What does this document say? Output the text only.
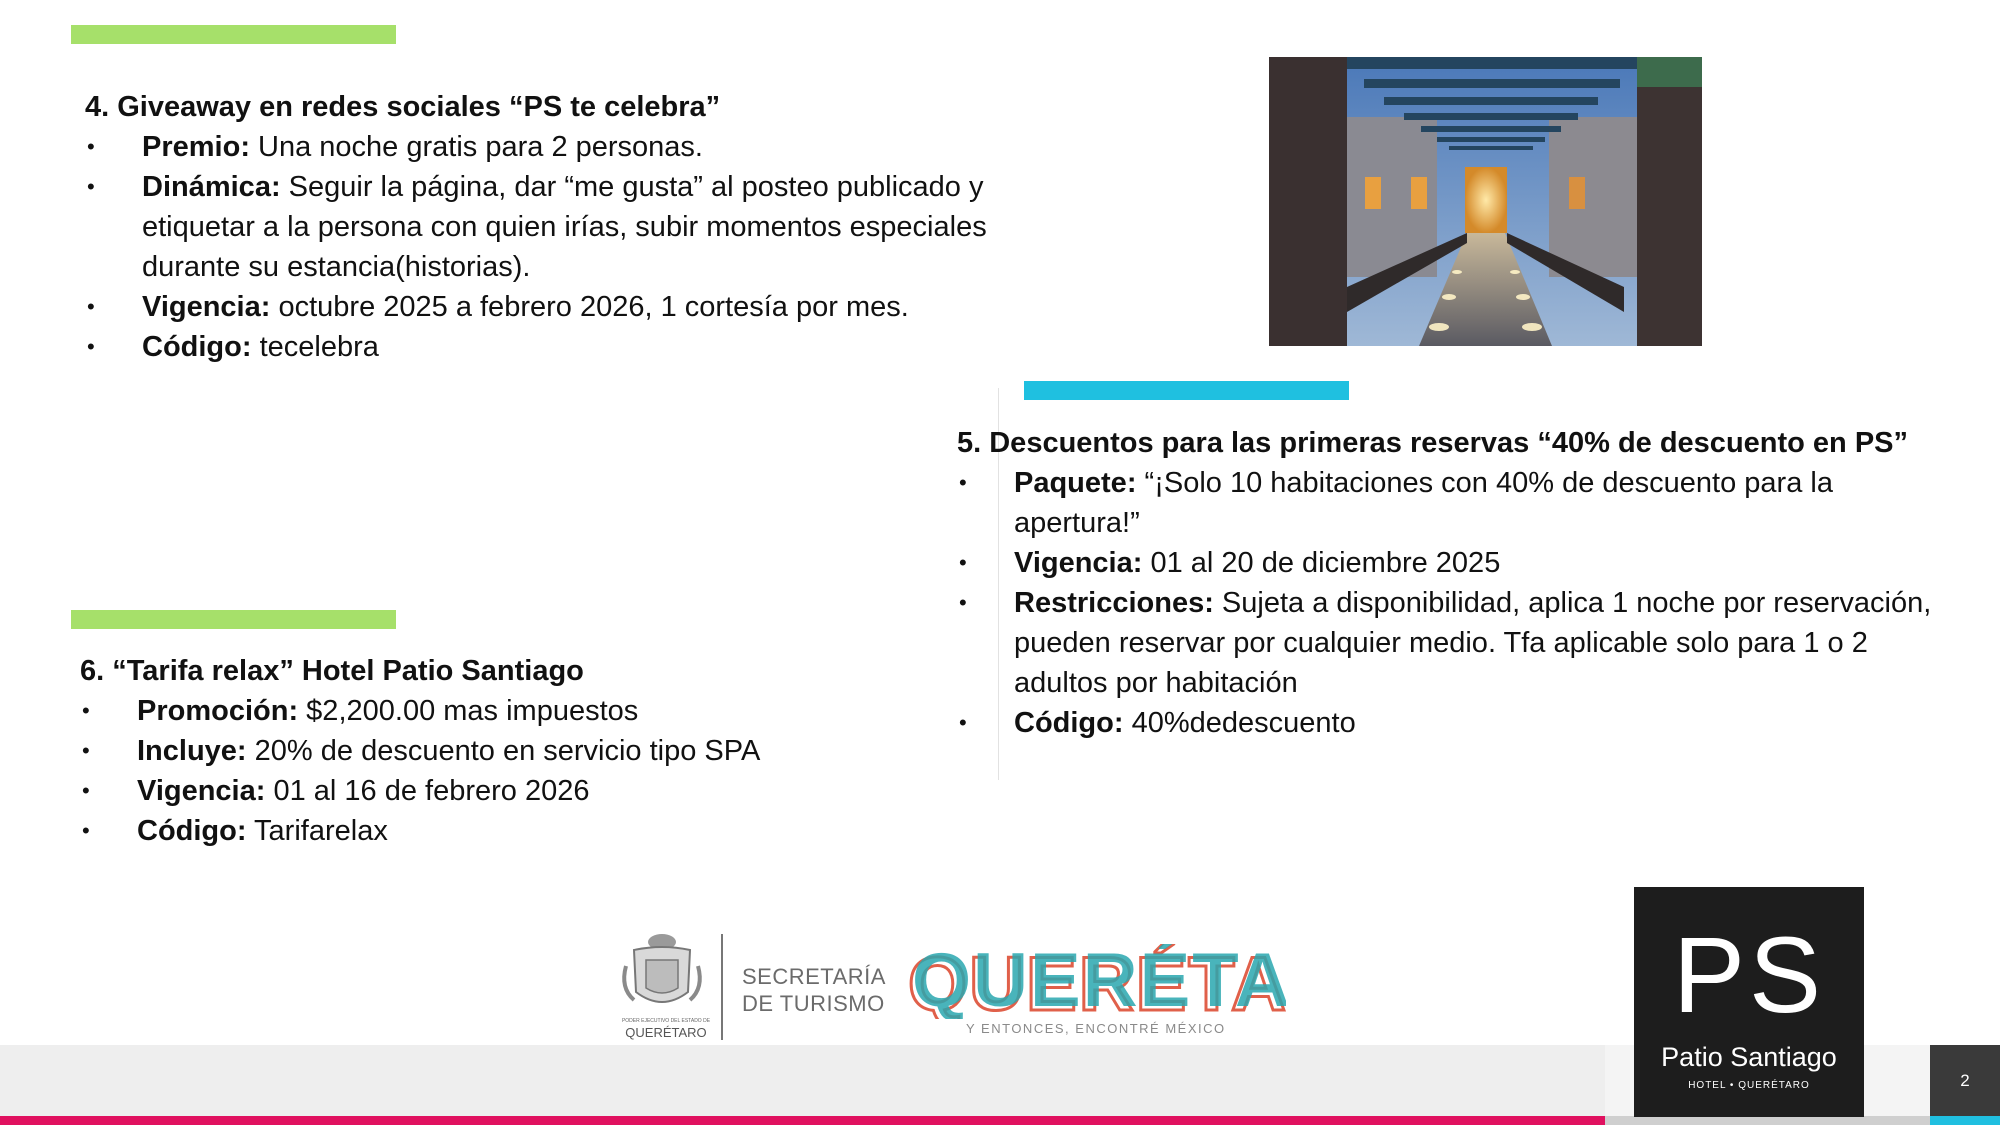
4. Giveaway en redes sociales “PS te celebra”
• Premio: Una noche gratis para 2 personas.
• Dinámica: Seguir la página, dar “me gusta” al posteo publicado y etiquetar a la persona con quien irías, subir momentos especiales durante su estancia(historias).
• Vigencia: octubre 2025 a febrero 2026, 1 cortesía por mes.
• Código: tecelebra
5. Descuentos para las primeras reservas “40% de descuento en PS”
• Paquete: “¡Solo 10 habitaciones con 40% de descuento para la apertura!”
• Vigencia: 01 al 20 de diciembre 2025
• Restricciones: Sujeta a disponibilidad, aplica 1 noche por reservación, pueden reservar por cualquier medio. Tfa aplicable solo para 1 o 2 adultos por habitación
• Código: 40%dedescuento
6. “Tarifa relax” Hotel Patio Santiago
• Promoción: $2,200.00 mas impuestos
• Incluye: 20% de descuento en servicio tipo SPA
• Vigencia: 01 al 16 de febrero 2026
• Código: Tarifarelax
PODER EJECUTIVO DEL ESTADO DE
QUERÉTARO
SECRETARÍA
DE TURISMO QUERÉTA
QUERÉTA
Y ENTONCES, ENCONTRÉ MÉXICO	PS
Patio Santiago
HOTEL • QUERÉTARO	2
